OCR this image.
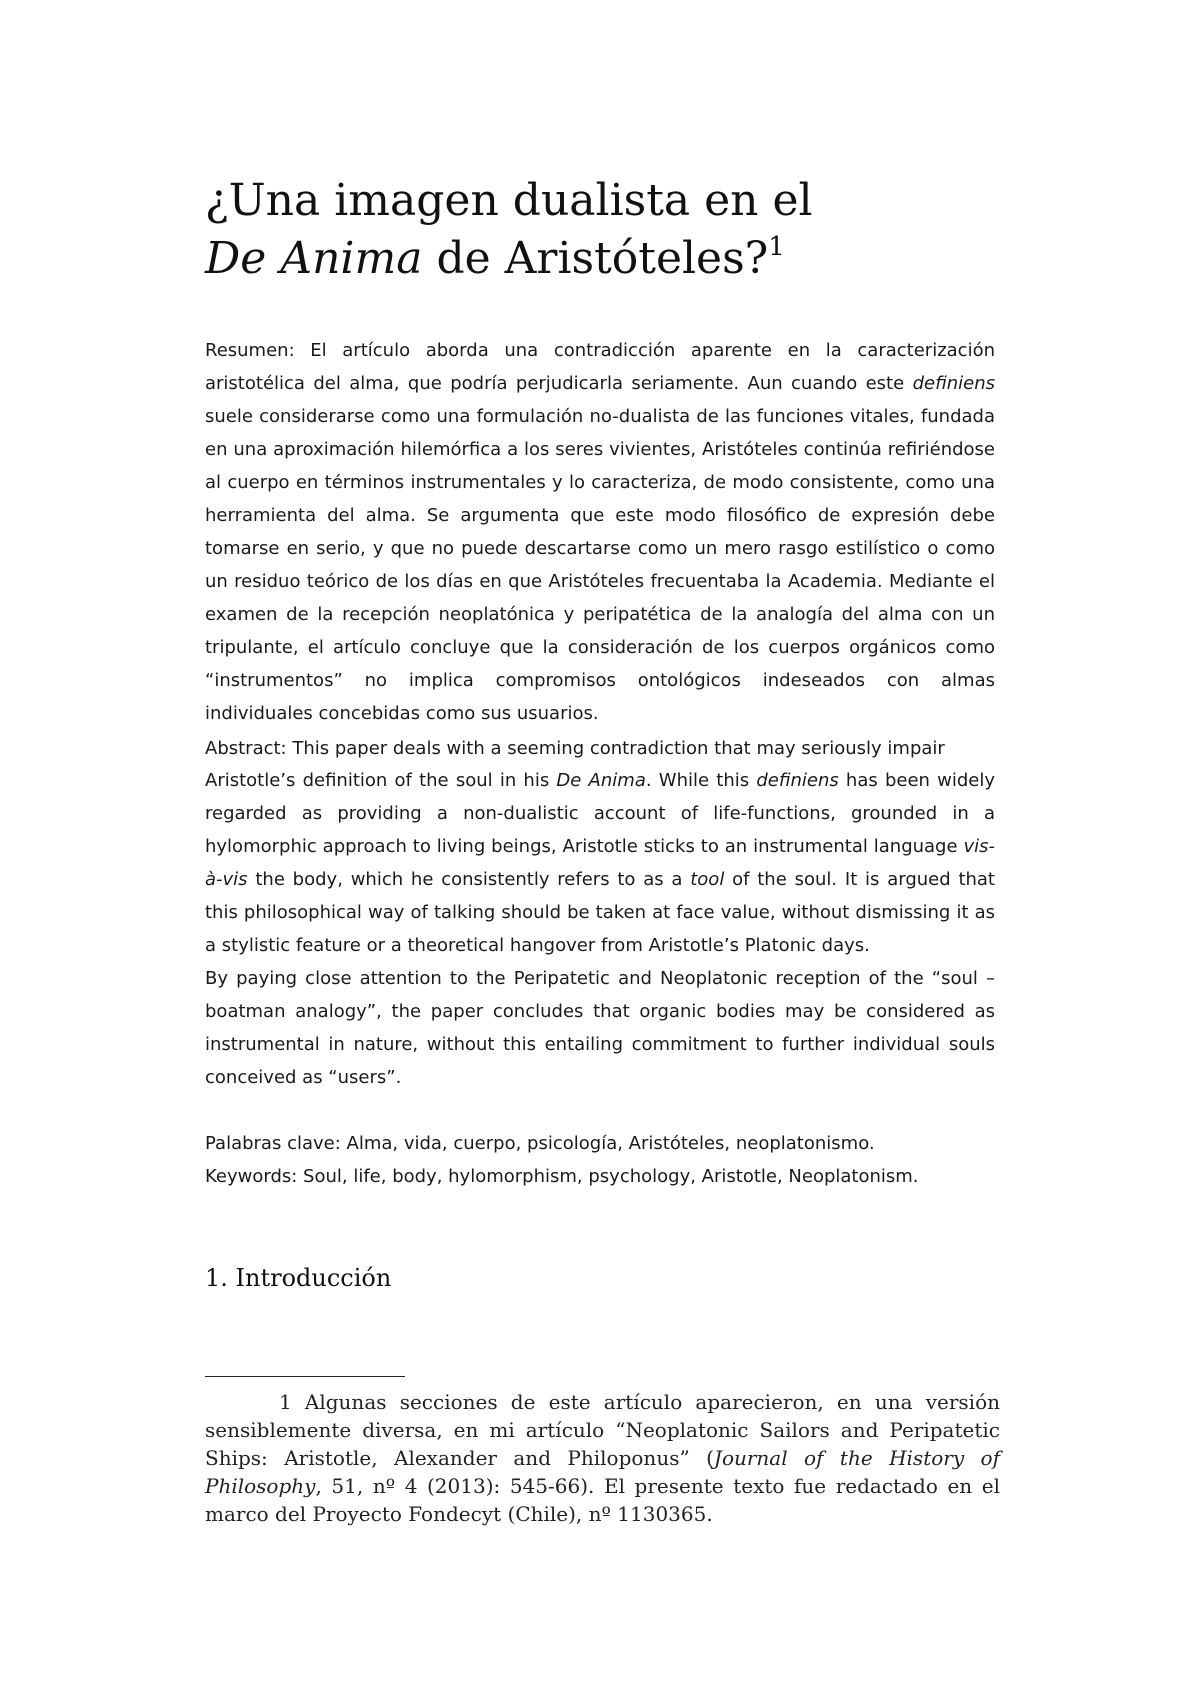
¿Una imagen dualista en el
De Anima de Aristóteles?$^1$

Resumen: El artículo aborda una contradicción aparente en la caracterización aristotélica del alma, que podría perjudicarla seriamente. Aun cuando este definiens suele considerarse como una formulación no-dualista de las funciones vitales, fundada en una aproximación hilemórfica a los seres vivientes, Aristóteles continúa refiriéndose al cuerpo en términos instrumentales y lo caracteriza, de modo consistente, como una herramienta del alma. Se argumenta que este modo filosófico de expresión debe tomarse en serio, y que no puede descartarse como un mero rasgo estilístico o como un residuo teórico de los días en que Aristóteles frecuentaba la Academia. Mediante el examen de la recepción neoplatónica y peripatética de la analogía del alma con un tripulante, el artículo concluye que la consideración de los cuerpos orgánicos como “instrumentos” no implica compromisos ontológicos indeseados con almas individuales concebidas como sus usuarios.

Abstract: This paper deals with a seeming contradiction that may seriously impair

Aristotle’s definition of the soul in his De Anima. While this definiens has been widely regarded as providing a non-dualistic account of life-functions, grounded in a hylomorphic approach to living beings, Aristotle sticks to an instrumental language vis-à-vis the body, which he consistently refers to as a tool of the soul. It is argued that this philosophical way of talking should be taken at face value, without dismissing it as a stylistic feature or a theoretical hangover from Aristotle’s Platonic days.

By paying close attention to the Peripatetic and Neoplatonic reception of the “soul – boatman analogy”, the paper concludes that organic bodies may be considered as instrumental in nature, without this entailing commitment to further individual souls conceived as “users”.

Palabras clave: Alma, vida, cuerpo, psicología, Aristóteles, neoplatonismo.

Keywords: Soul, life, body, hylomorphism, psychology, Aristotle, Neoplatonism.

1. Introducción

1 Algunas secciones de este artículo aparecieron, en una versión sensiblemente diversa, en mi artículo “Neoplatonic Sailors and Peripatetic Ships: Aristotle, Alexander and Philoponus” (Journal of the History of Philosophy, 51, nº 4 (2013): 545-66). El presente texto fue redactado en el marco del Proyecto Fondecyt (Chile), nº 1130365.
